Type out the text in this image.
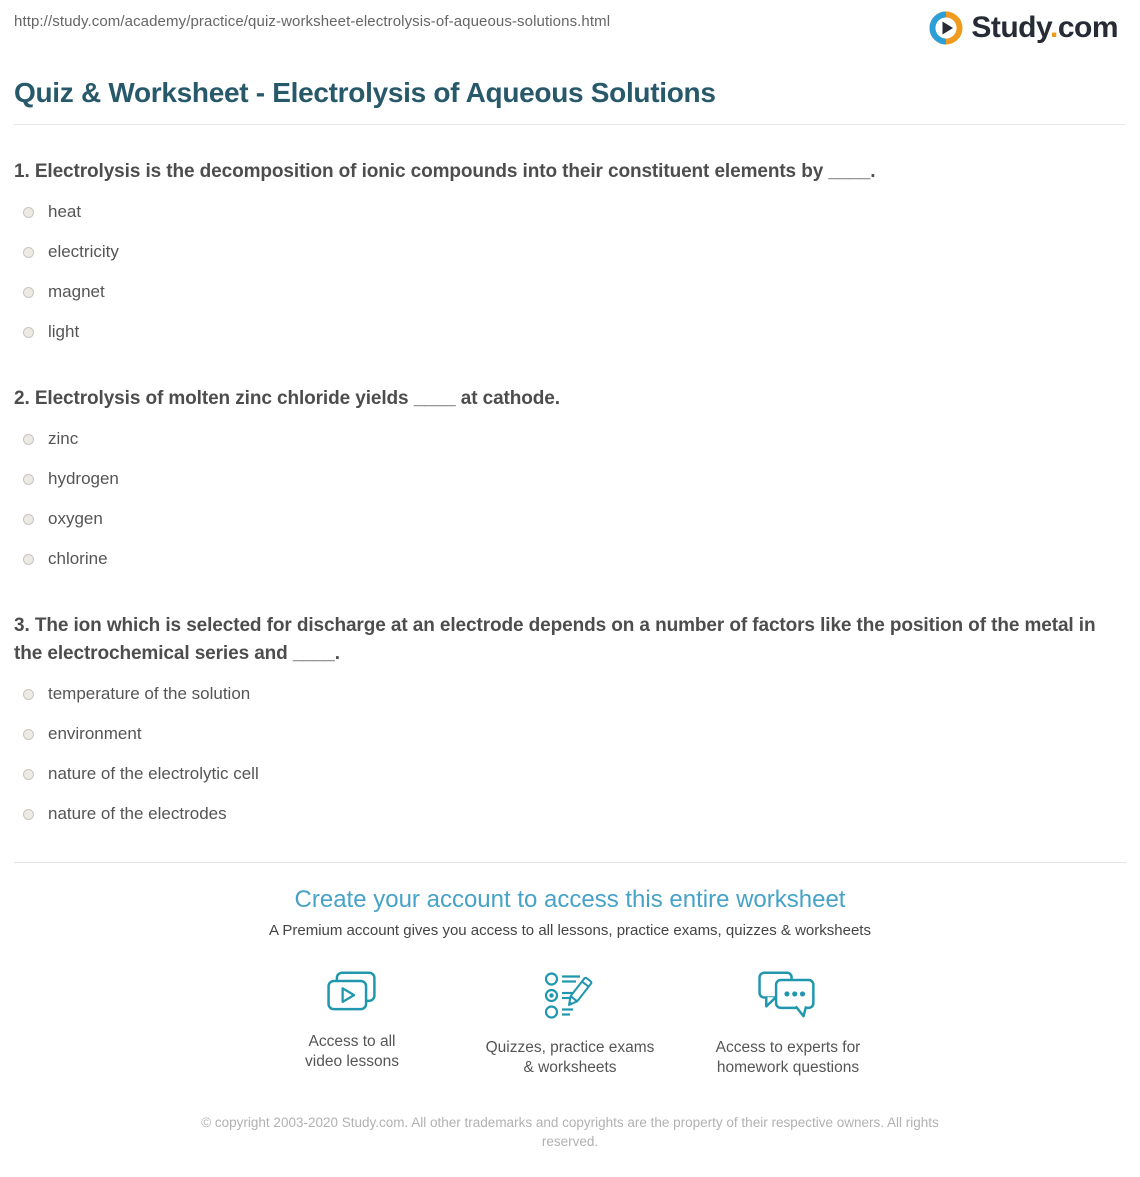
http://study.com/academy/practice/quiz-worksheet-electrolysis-of-aqueous-solutions.html	Study.com
Quiz & Worksheet - Electrolysis of Aqueous Solutions
1. Electrolysis is the decomposition of ionic compounds into their constituent elements by ____.
heat
electricity
magnet
light
2. Electrolysis of molten zinc chloride yields ____ at cathode.
zinc
hydrogen
oxygen
chlorine
3. The ion which is selected for discharge at an electrode depends on a number of factors like the position of the metal in the electrochemical series and ____.
temperature of the solution
environment
nature of the electrolytic cell
nature of the electrodes
Create your account to access this entire worksheet

A Premium account gives you access to all lessons, practice exams, quizzes & worksheets

Access to all
video lessons
Quizzes, practice exams
& worksheets
Access to experts for
homework questions

© copyright 2003-2020 Study.com. All other trademarks and copyrights are the property of their respective owners. All rights reserved.
